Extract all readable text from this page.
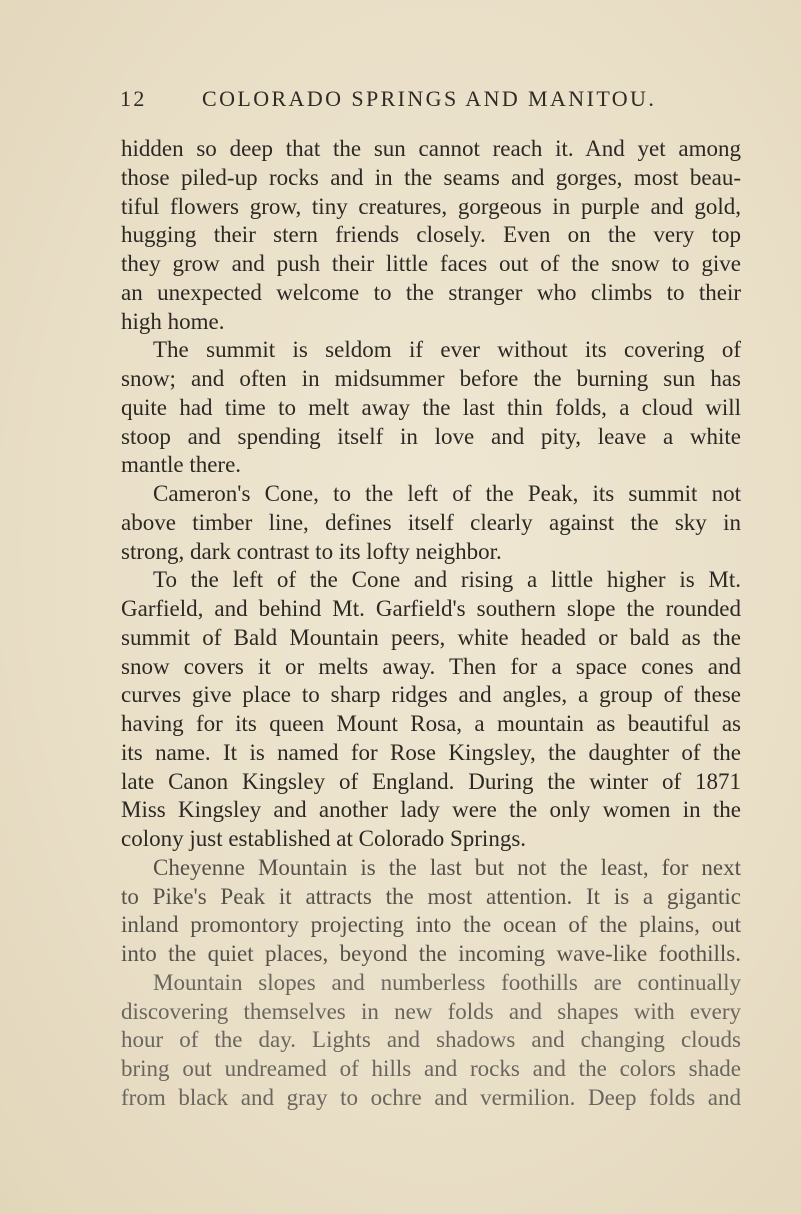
12	COLORADO SPRINGS AND MANITOU.
hidden so deep that the sun cannot reach it. And yet among
those piled-up rocks and in the seams and gorges, most beau-
tiful flowers grow, tiny creatures, gorgeous in purple and gold,
hugging their stern friends closely. Even on the very top
they grow and push their little faces out of the snow to give
an unexpected welcome to the stranger who climbs to their
high home.
The summit is seldom if ever without its covering of
snow; and often in midsummer before the burning sun has
quite had time to melt away the last thin folds, a cloud will
stoop and spending itself in love and pity, leave a white
mantle there.
Cameron's Cone, to the left of the Peak, its summit not
above timber line, defines itself clearly against the sky in
strong, dark contrast to its lofty neighbor.
To the left of the Cone and rising a little higher is Mt.
Garfield, and behind Mt. Garfield's southern slope the rounded
summit of Bald Mountain peers, white headed or bald as the
snow covers it or melts away. Then for a space cones and
curves give place to sharp ridges and angles, a group of these
having for its queen Mount Rosa, a mountain as beautiful as
its name. It is named for Rose Kingsley, the daughter of the
late Canon Kingsley of England. During the winter of 1871
Miss Kingsley and another lady were the only women in the
colony just established at Colorado Springs.
Cheyenne Mountain is the last but not the least, for next
to Pike's Peak it attracts the most attention. It is a gigantic
inland promontory projecting into the ocean of the plains, out
into the quiet places, beyond the incoming wave-like foothills.
Mountain slopes and numberless foothills are continually
discovering themselves in new folds and shapes with every
hour of the day. Lights and shadows and changing clouds
bring out undreamed of hills and rocks and the colors shade
from black and gray to ochre and vermilion. Deep folds and
